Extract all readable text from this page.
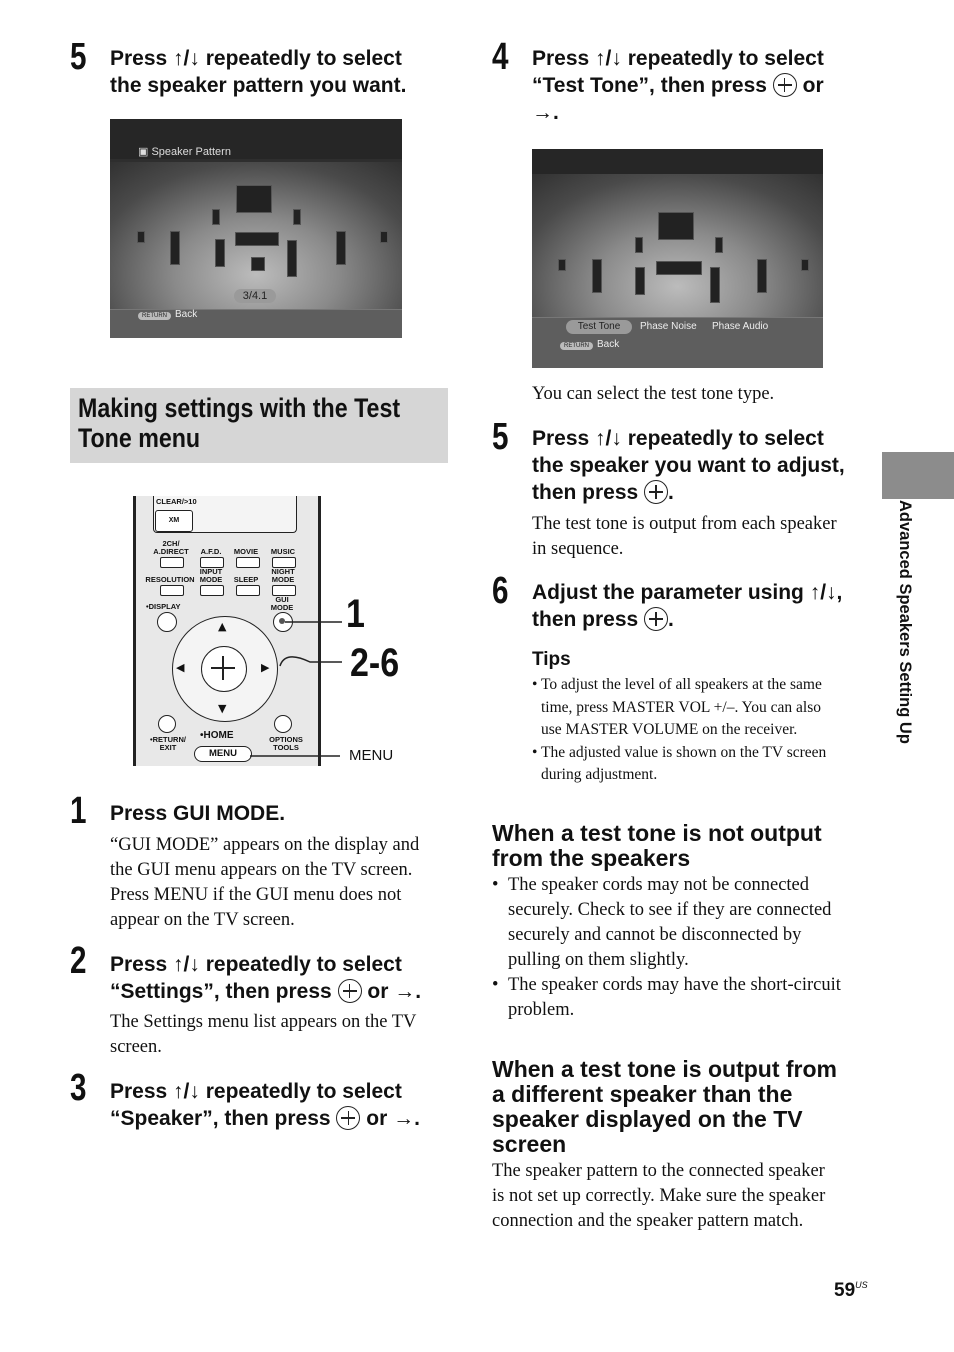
5 Press ↑/↓ repeatedly to select
the speaker pattern you want.
▣ Speaker Pattern
3/4.1
RETURN Back
Making settings with the Test
Tone menu
CLEAR/>10
XM
2CH/
A.DIRECT	A.F.D.	MOVIE	MUSIC
RESOLUTION
INPUT
MODE	SLEEP
NIGHT
MODE
•DISPLAY
GUI
MODE
▲
▼
◀	▶
•RETURN/
EXIT
•HOME	OPTIONS
TOOLS
MENU
1
2-6
MENU
1 Press GUI MODE.
“GUI MODE” appears on the display and
the GUI menu appears on the TV screen.
Press MENU if the GUI menu does not
appear on the TV screen.
2 Press ↑/↓ repeatedly to select
“Settings”, then press or →.
The Settings menu list appears on the TV
screen.
3 Press ↑/↓ repeatedly to select
“Speaker”, then press or →.
4 Press ↑/↓ repeatedly to select
“Test Tone”, then press or
→.
Test Tone	Phase Noise Phase Audio
RETURN Back
You can select the test tone type.
5 Press ↑/↓ repeatedly to select
the speaker you want to adjust,
then press .
The test tone is output from each speaker
in sequence.
6 Adjust the parameter using ↑/↓,
then press .
Tips
• To adjust the level of all speakers at the same
time, press MASTER VOL +/–. You can also
use MASTER VOLUME on the receiver.
• The adjusted value is shown on the TV screen
during adjustment.
When a test tone is not output
from the speakers
• The speaker cords may not be connected
securely. Check to see if they are connected
securely and cannot be disconnected by
pulling on them slightly.
• The speaker cords may have the short-circuit
problem.
When a test tone is output from
a different speaker than the
speaker displayed on the TV
screen
The speaker pattern to the connected speaker
is not set up correctly. Make sure the speaker
connection and the speaker pattern match.
Advanced Speakers Setting Up
$59^{US}$
